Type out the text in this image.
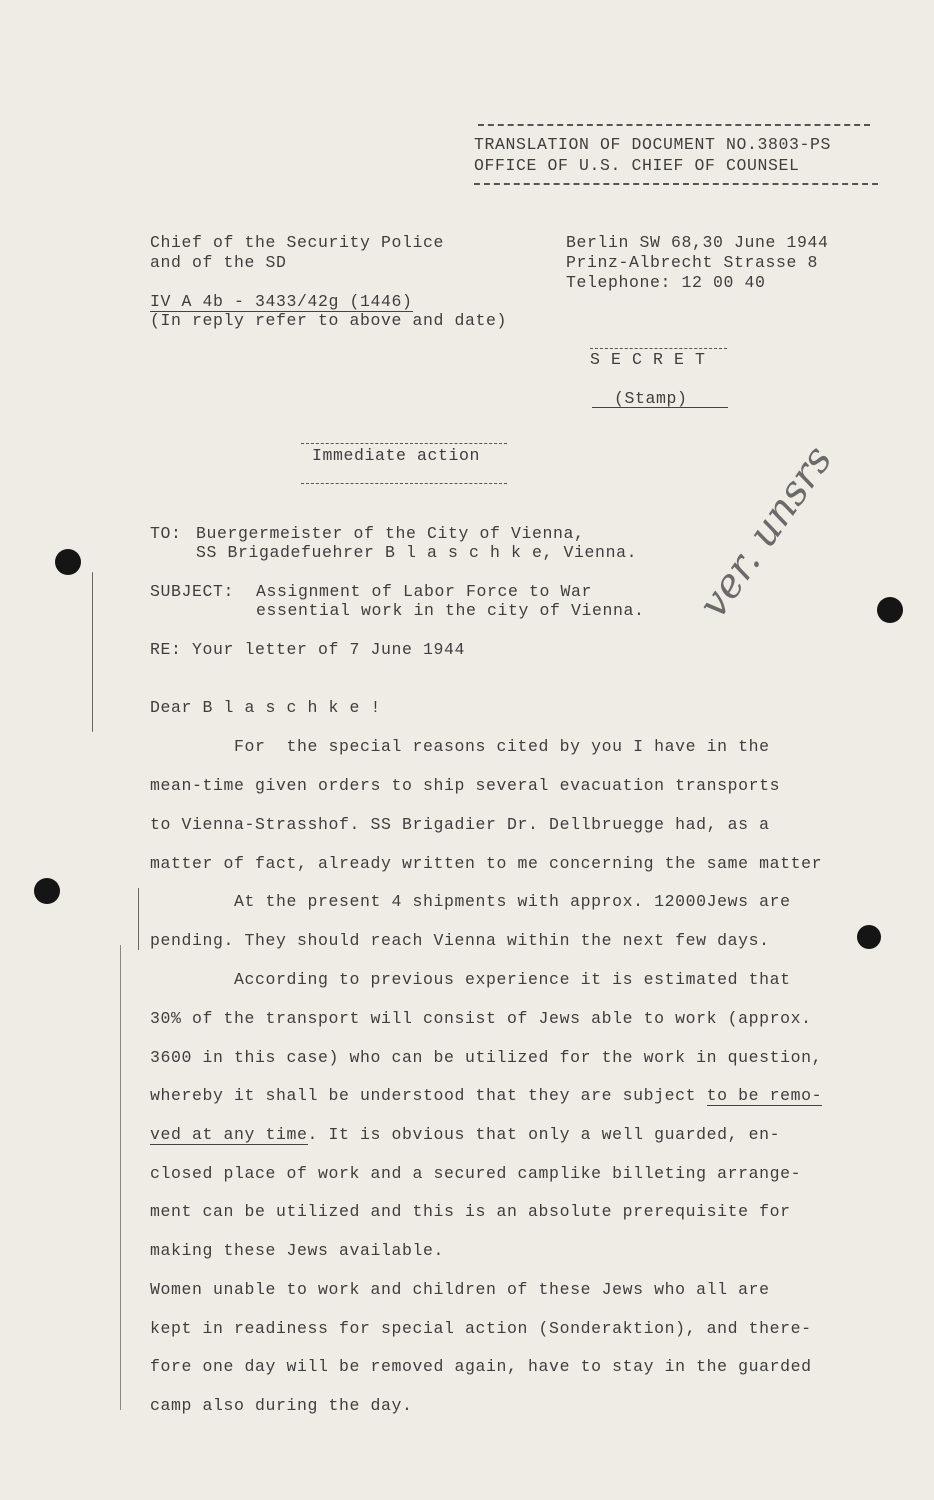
TRANSLATION OF DOCUMENT NO.3803-PS
OFFICE OF U.S. CHIEF OF COUNSEL
Chief of the Security Police
and of the SD
IV A 4b - 3433/42g (1446)
(In reply refer to above and date)
Berlin SW 68,30 June 1944
Prinz-Albrecht Strasse 8
Telephone: 12 00 40
S E C R E T
(Stamp)
Immediate action
TO: Buergermeister of the City of Vienna,
SS Brigadefuehrer B l a s c h k e, Vienna.
SUBJECT: Assignment of Labor Force to War
essential work in the city of Vienna.
RE: Your letter of 7 June 1944
Dear B l a s c h k e !
For  the special reasons cited by you I have in the
mean-time given orders to ship several evacuation transports
to Vienna-Strasshof. SS Brigadier Dr. Dellbruegge had, as a
matter of fact, already written to me concerning the same matter
At the present 4 shipments with approx. 12000Jews are
pending. They should reach Vienna within the next few days.
According to previous experience it is estimated that
30% of the transport will consist of Jews able to work (approx.
3600 in this case) who can be utilized for the work in question,
whereby it shall be understood that they are subject to be remo-
ved at any time. It is obvious that only a well guarded, en-
closed place of work and a secured camplike billeting arrange-
ment can be utilized and this is an absolute prerequisite for
making these Jews available.
Women unable to work and children of these Jews who all are
kept in readiness for special action (Sonderaktion), and there-
fore one day will be removed again, have to stay in the guarded
camp also during the day.
ver. unsrs
